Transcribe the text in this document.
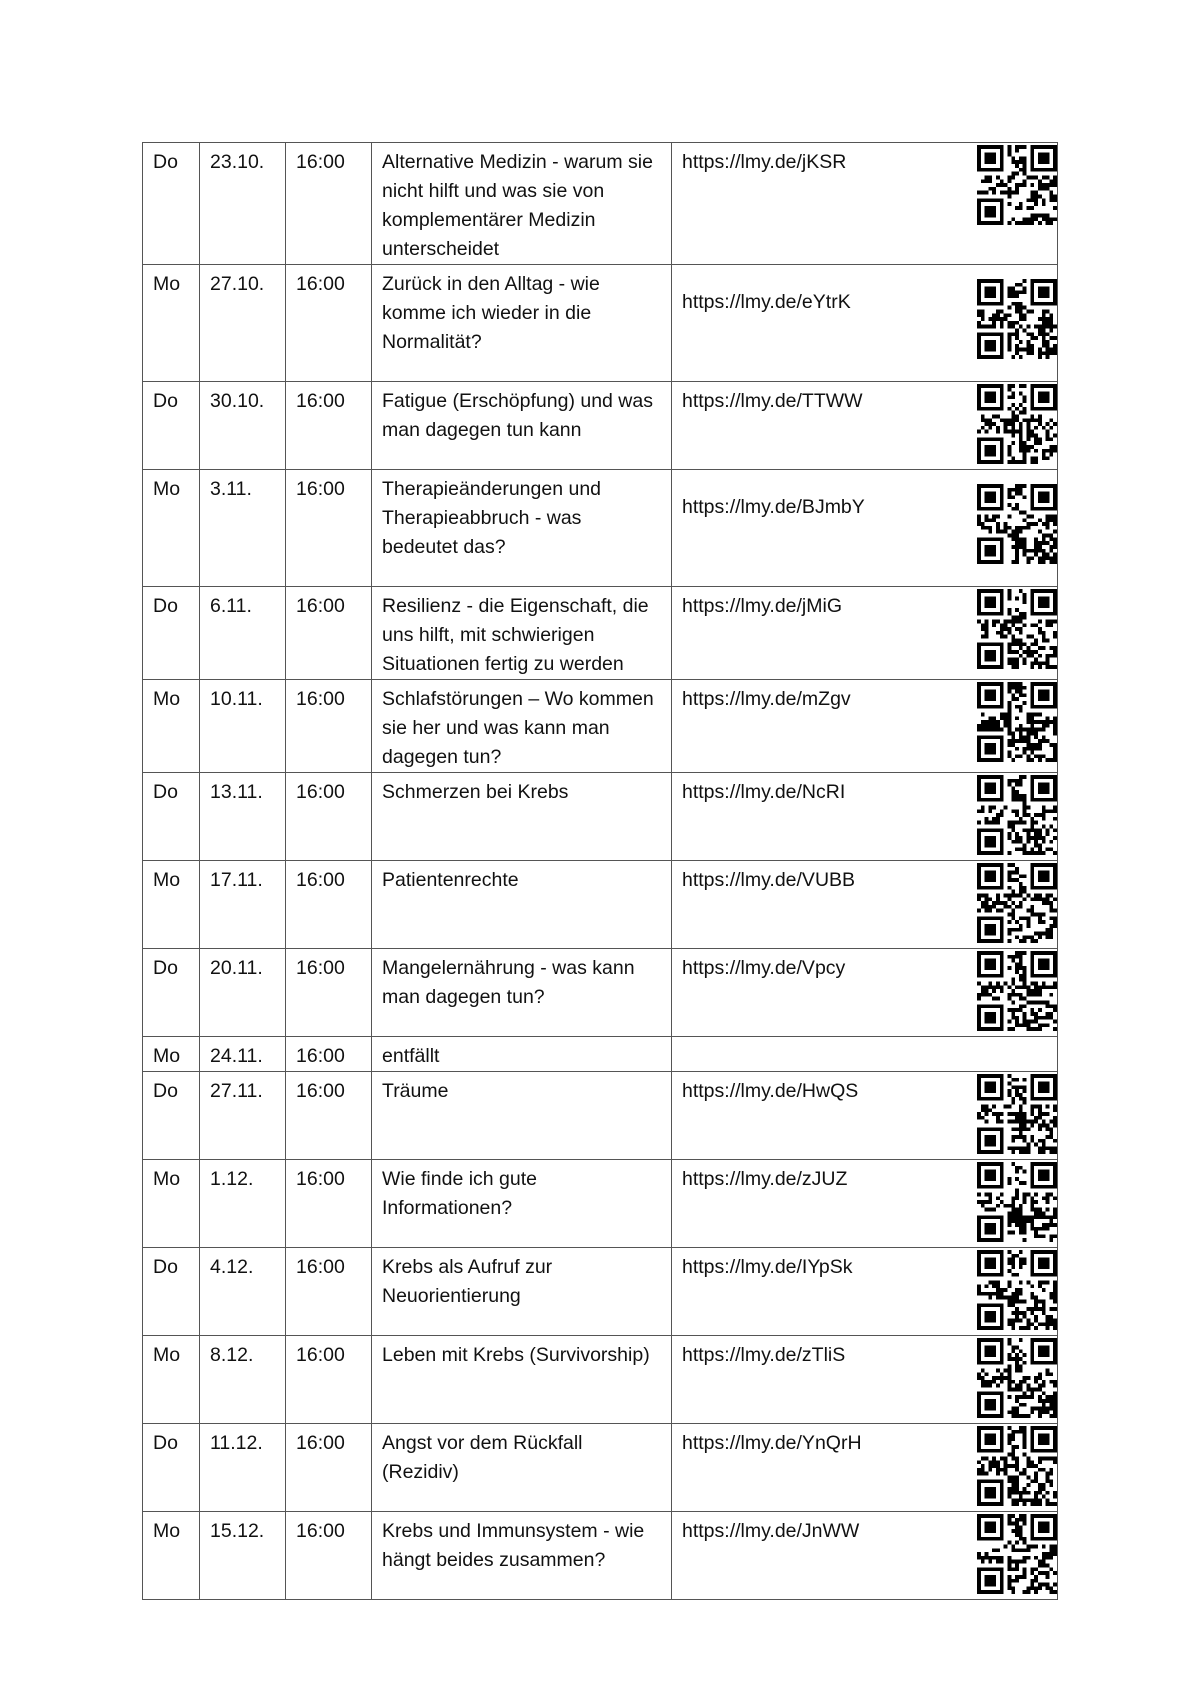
Do	23.10.	16:00	Alternative Medizin - warum sie nicht hilft und was sie von komplementärer Medizin unterscheidet	https://lmy.de/jKSR

Mo	27.10.	16:00	Zurück in den Alltag - wie komme ich wieder in die Normalität?	https://lmy.de/eYtrK

Do	30.10.	16:00	Fatigue (Erschöpfung) und was man dagegen tun kann	https://lmy.de/TTWW

Mo	3.11.	16:00	Therapieänderungen und Therapieabbruch - was bedeutet das?	https://lmy.de/BJmbY

Do	6.11.	16:00	Resilienz - die Eigenschaft, die uns hilft, mit schwierigen Situationen fertig zu werden	https://lmy.de/jMiG

Mo	10.11.	16:00	Schlafstörungen – Wo kommen sie her und was kann man dagegen tun?	https://lmy.de/mZgv

Do	13.11.	16:00	Schmerzen bei Krebs	https://lmy.de/NcRI

Mo	17.11.	16:00	Patientenrechte	https://lmy.de/VUBB

Do	20.11.	16:00	Mangelernährung - was kann man dagegen tun?	https://lmy.de/Vpcy

Mo	24.11.	16:00	entfällt	

Do	27.11.	16:00	Träume	https://lmy.de/HwQS

Mo	1.12.	16:00	Wie finde ich gute Informationen?	https://lmy.de/zJUZ

Do	4.12.	16:00	Krebs als Aufruf zur Neuorientierung	https://lmy.de/IYpSk

Mo	8.12.	16:00	Leben mit Krebs (Survivorship)	https://lmy.de/zTliS

Do	11.12.	16:00	Angst vor dem Rückfall (Rezidiv)	https://lmy.de/YnQrH

Mo	15.12.	16:00	Krebs und Immunsystem - wie hängt beides zusammen?	https://lmy.de/JnWW
